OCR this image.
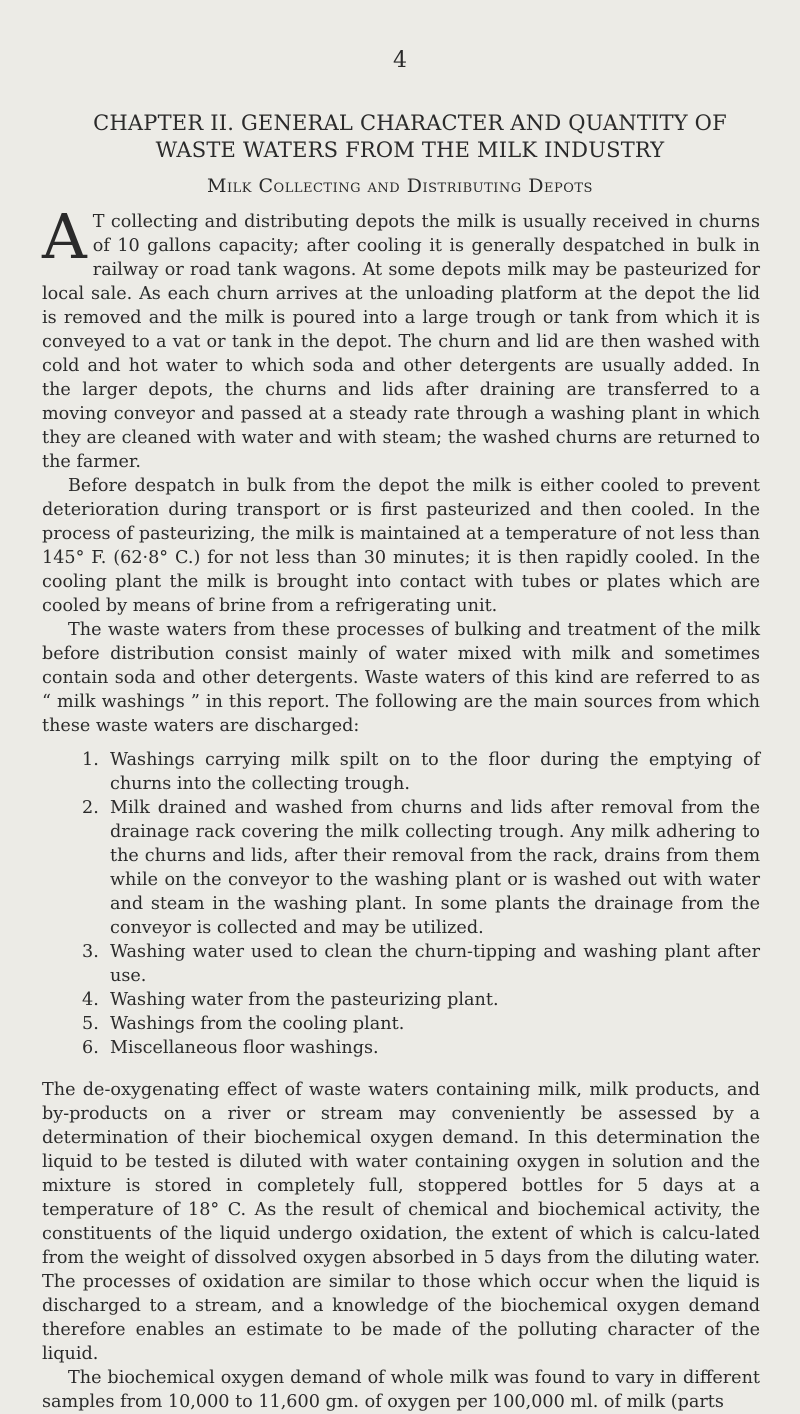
4
CHAPTER II. GENERAL CHARACTER AND QUANTITY OF WASTE WATERS FROM THE MILK INDUSTRY
Milk Collecting and Distributing Depots

A T collecting and distributing depots the milk is usually received in churns of 10 gallons capacity; after cooling it is generally despatched in bulk in railway or road tank wagons. At some depots milk may be pasteurized for local sale. As each churn arrives at the unloading platform at the depot the lid is removed and the milk is poured into a large trough or tank from which it is conveyed to a vat or tank in the depot. The churn and lid are then washed with cold and hot water to which soda and other detergents are usually added. In the larger depots, the churns and lids after draining are transferred to a moving conveyor and passed at a steady rate through a washing plant in which they are cleaned with water and with steam; the washed churns are returned to the farmer.

Before despatch in bulk from the depot the milk is either cooled to prevent deterioration during transport or is first pasteurized and then cooled. In the process of pasteurizing, the milk is maintained at a temperature of not less than 145° F. (62·8° C.) for not less than 30 minutes; it is then rapidly cooled. In the cooling plant the milk is brought into contact with tubes or plates which are cooled by means of brine from a refrigerating unit.

The waste waters from these processes of bulking and treatment of the milk before distribution consist mainly of water mixed with milk and sometimes contain soda and other detergents. Waste waters of this kind are referred to as “ milk washings ” in this report. The following are the main sources from which these waste waters are discharged:

1. Washings carrying milk spilt on to the floor during the emptying of churns into the collecting trough.
2. Milk drained and washed from churns and lids after removal from the drainage rack covering the milk collecting trough. Any milk adhering to the churns and lids, after their removal from the rack, drains from them while on the conveyor to the washing plant or is washed out with water and steam in the washing plant. In some plants the drainage from the conveyor is collected and may be utilized.
3. Washing water used to clean the churn-tipping and washing plant after use.
4. Washing water from the pasteurizing plant.
5. Washings from the cooling plant.
6. Miscellaneous floor washings.

The de-oxygenating effect of waste waters containing milk, milk products, and by-products on a river or stream may conveniently be assessed by a determination of their biochemical oxygen demand. In this determination the liquid to be tested is diluted with water containing oxygen in solution and the mixture is stored in completely full, stoppered bottles for 5 days at a temperature of 18° C. As the result of chemical and biochemical activity, the constituents of the liquid undergo oxidation, the extent of which is calcu-lated from the weight of dissolved oxygen absorbed in 5 days from the diluting water. The processes of oxidation are similar to those which occur when the liquid is discharged to a stream, and a knowledge of the biochemical oxygen demand therefore enables an estimate to be made of the polluting character of the liquid.

The biochemical oxygen demand of whole milk was found to vary in different samples from 10,000 to 11,600 gm. of oxygen per 100,000 ml. of milk (parts
